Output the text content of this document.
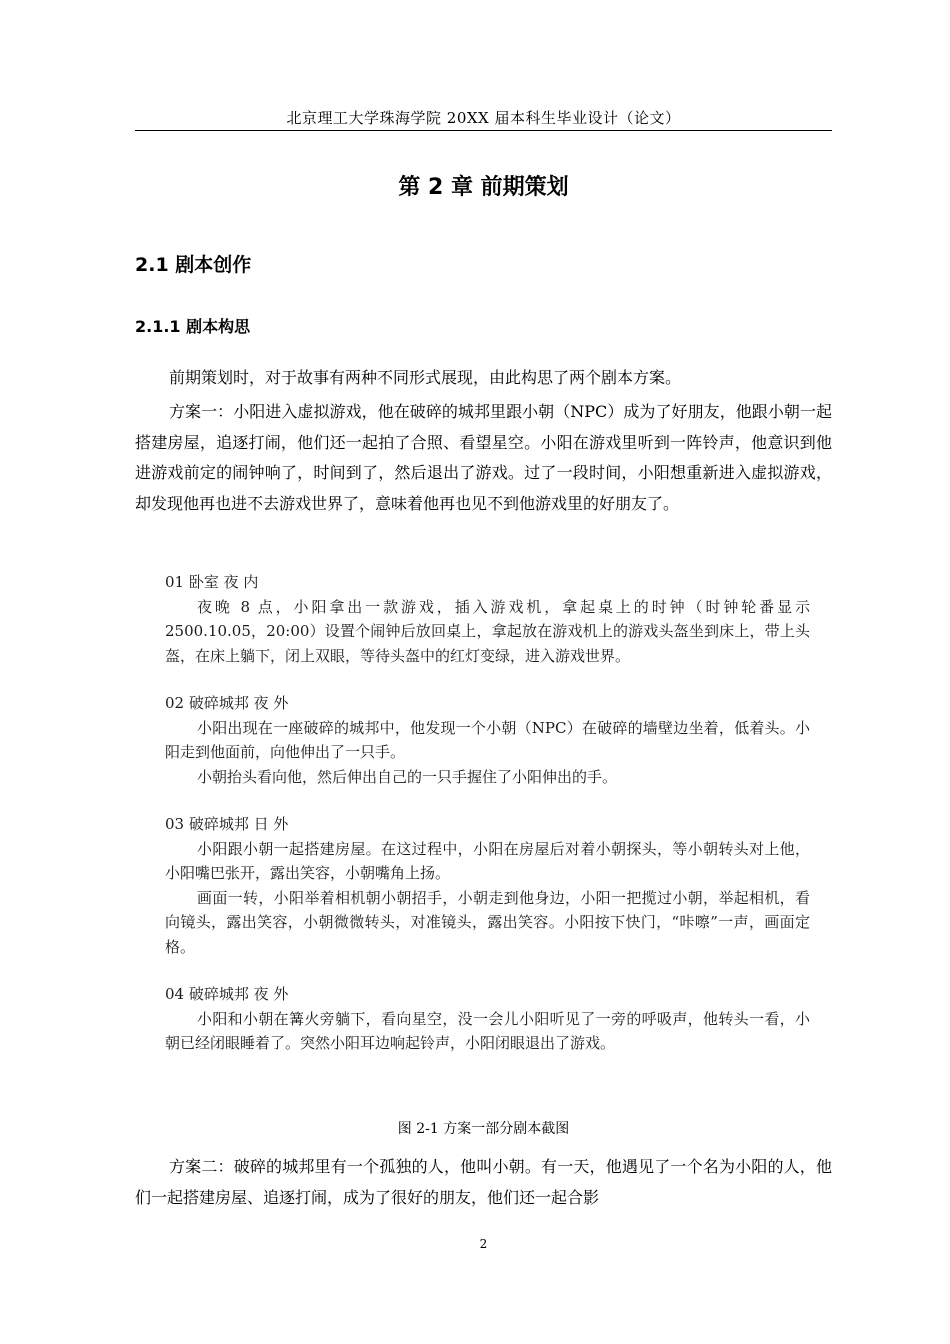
北京理工大学珠海学院 20XX 届本科生毕业设计（论文）
第 2 章 前期策划
2.1 剧本创作
2.1.1 剧本构思
前期策划时，对于故事有两种不同形式展现，由此构思了两个剧本方案。
方案一：小阳进入虚拟游戏，他在破碎的城邦里跟小朝（NPC）成为了好朋友，他跟小朝一起搭建房屋，追逐打闹，他们还一起拍了合照、看望星空。小阳在游戏里听到一阵铃声，他意识到他进游戏前定的闹钟响了，时间到了，然后退出了游戏。过了一段时间，小阳想重新进入虚拟游戏，却发现他再也进不去游戏世界了，意味着他再也见不到他游戏里的好朋友了。
01 卧室 夜 内

夜晚 8 点，小阳拿出一款游戏，插入游戏机，拿起桌上的时钟（时钟轮番显示 2500.10.05，20:00）设置个闹钟后放回桌上，拿起放在游戏机上的游戏头盔坐到床上，带上头盔，在床上躺下，闭上双眼，等待头盔中的红灯变绿，进入游戏世界。

02 破碎城邦 夜 外

小阳出现在一座破碎的城邦中，他发现一个小朝（NPC）在破碎的墙壁边坐着，低着头。小阳走到他面前，向他伸出了一只手。

小朝抬头看向他，然后伸出自己的一只手握住了小阳伸出的手。

03 破碎城邦 日 外

小阳跟小朝一起搭建房屋。在这过程中，小阳在房屋后对着小朝探头，等小朝转头对上他，小阳嘴巴张开，露出笑容，小朝嘴角上扬。

画面一转，小阳举着相机朝小朝招手，小朝走到他身边，小阳一把揽过小朝，举起相机，看向镜头，露出笑容，小朝微微转头，对准镜头，露出笑容。小阳按下快门，“咔嚓”一声，画面定格。

04 破碎城邦 夜 外

小阳和小朝在篝火旁躺下，看向星空，没一会儿小阳听见了一旁的呼吸声，他转头一看，小朝已经闭眼睡着了。突然小阳耳边响起铃声，小阳闭眼退出了游戏。

图 2-1 方案一部分剧本截图
方案二：破碎的城邦里有一个孤独的人，他叫小朝。有一天，他遇见了一个名为小阳的人，他们一起搭建房屋、追逐打闹，成为了很好的朋友，他们还一起合影
2
